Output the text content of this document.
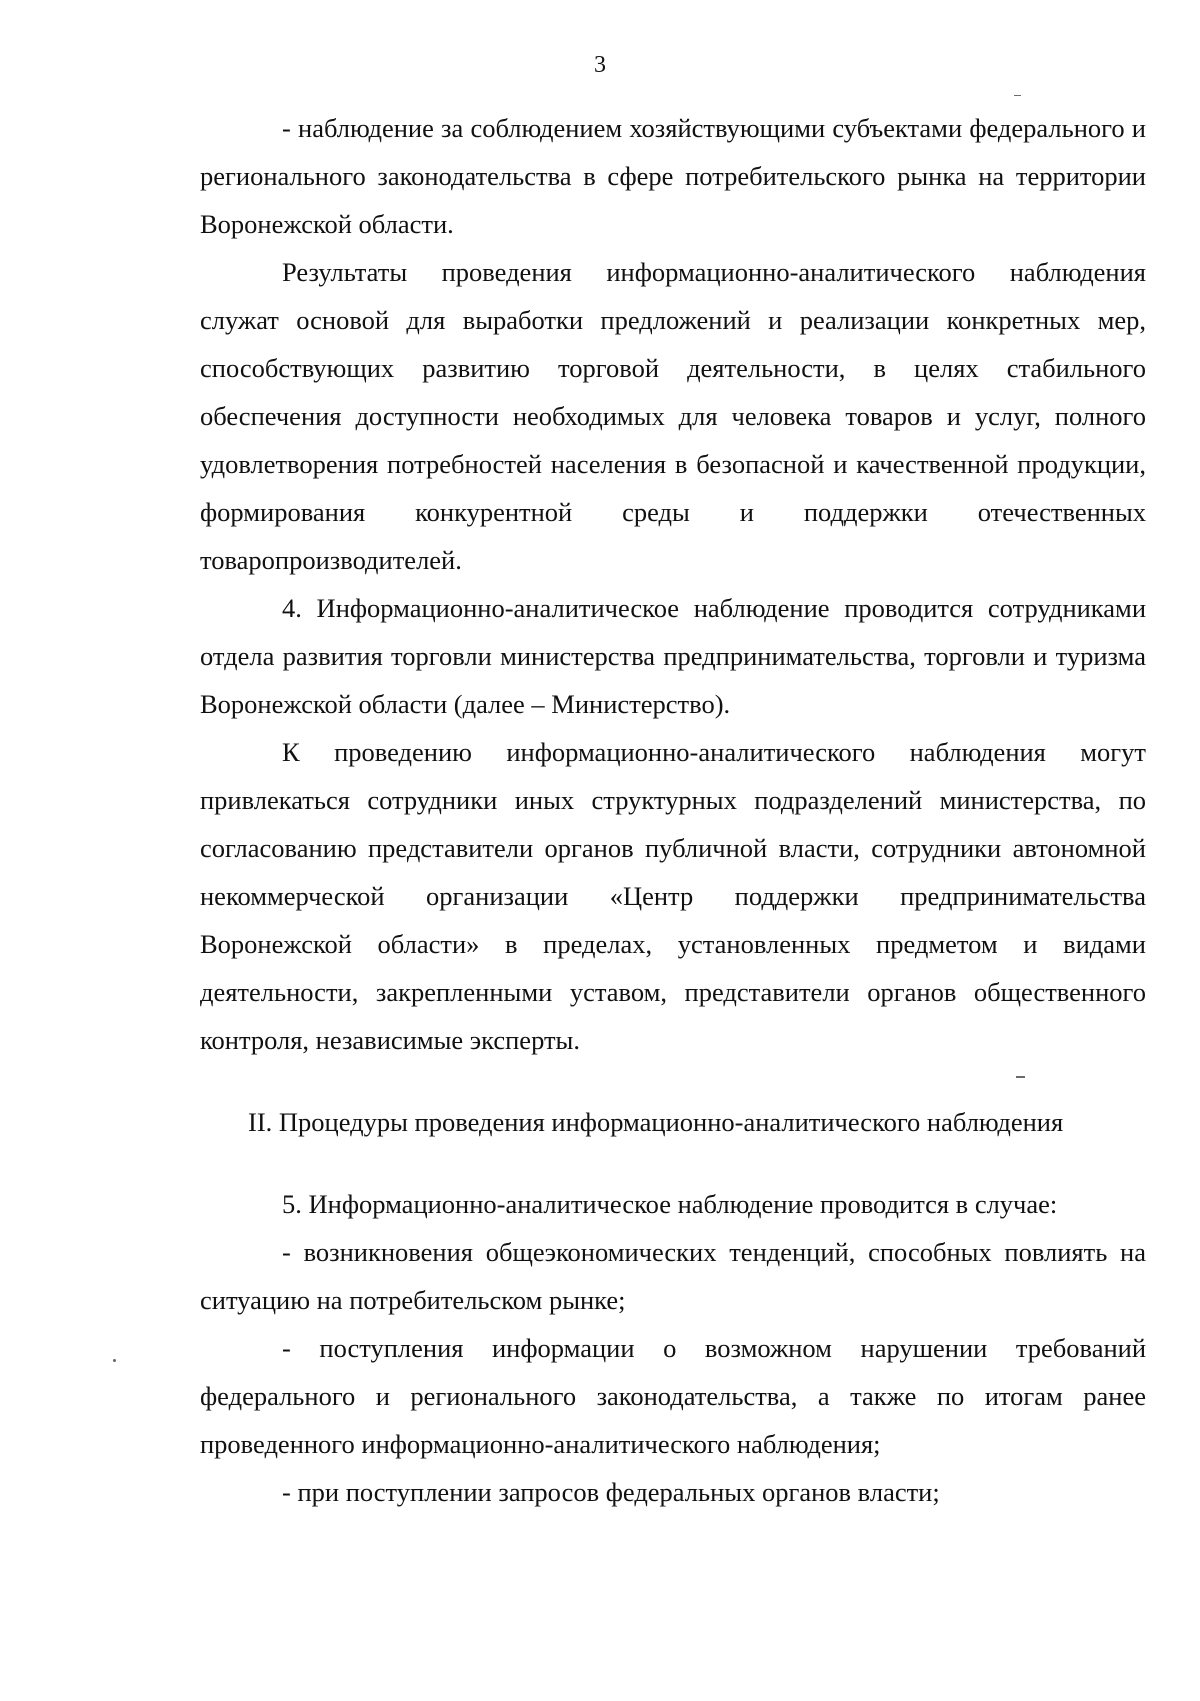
3

- наблюдение за соблюдением хозяйствующими субъектами федерального и регионального законодательства в сфере потребительского рынка на территории Воронежской области.

Результаты проведения информационно-аналитического наблюдения служат основой для выработки предложений и реализации конкретных мер, способствующих развитию торговой деятельности, в целях стабильного обеспечения доступности необходимых для человека товаров и услуг, полного удовлетворения потребностей населения в безопасной и качественной продукции, формирования конкурентной среды и поддержки отечественных товаропроизводителей.

4. Информационно-аналитическое наблюдение проводится сотрудниками отдела развития торговли министерства предпринимательства, торговли и туризма Воронежской области (далее – Министерство).

К проведению информационно-аналитического наблюдения могут привлекаться сотрудники иных структурных подразделений министерства, по согласованию представители органов публичной власти, сотрудники автономной некоммерческой организации «Центр поддержки предпринимательства Воронежской области» в пределах, установленных предметом и видами деятельности, закрепленными уставом, представители органов общественного контроля, независимые эксперты.

II. Процедуры проведения информационно-аналитического наблюдения

5. Информационно-аналитическое наблюдение проводится в случае:

- возникновения общеэкономических тенденций, способных повлиять на ситуацию на потребительском рынке;

- поступления информации о возможном нарушении требований федерального и регионального законодательства, а также по итогам ранее проведенного информационно-аналитического наблюдения;

- при поступлении запросов федеральных органов власти;
